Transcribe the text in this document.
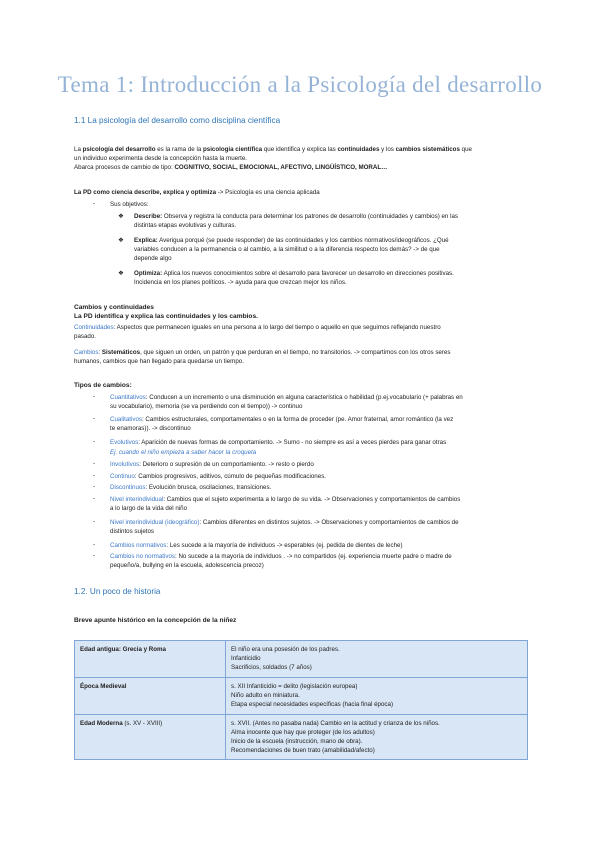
Tema 1: Introducción a la Psicología del desarrollo
1.1 La psicología del desarrollo como disciplina científica
La psicología del desarrollo es la rama de la psicología científica que identifica y explica las continuidades y los cambios sistemáticos que
un individuo experimenta desde la concepción hasta la muerte.
Abarca procesos de cambio de tipo: COGNITIVO, SOCIAL, EMOCIONAL, AFECTIVO, LINGÜÍSTICO, MORAL…
La PD como ciencia describe, explica y optimiza -> Psicología es una ciencia aplicada
- Sus objetivos:
❖ Describe: Observa y registra la conducta para determinar los patrones de desarrollo (continuidades y cambios) en las
distintas etapas evolutivas y culturas.
❖ Explica: Averigua porqué (se puede responder) de las continuidades y los cambios normativos/ideográficos. ¿Qué
variables conducen a la permanencia o al cambio, a la similitud o a la diferencia respecto los demás? -> de que
depende algo
❖ Optimiza: Aplica los nuevos conocimientos sobre el desarrollo para favorecer un desarrollo en direcciones positivas.
Incidencia en los planes políticos. -> ayuda para que crezcan mejor los niños.
Cambios y continuidades
La PD identifica y explica las continuidades y los cambios.
Continuidades: Aspectos que permanecen iguales en una persona a lo largo del tiempo o aquello en que seguimos reflejando nuestro
pasado.
Cambios: Sistemáticos, que siguen un orden, un patrón y que perduran en el tiempo, no transitorios. -> compartimos con los otros seres
humanos, cambios que han llegado para quedarse un tiempo.
Tipos de cambios:
- Cuantitativos: Conducen a un incremento o una disminución en alguna característica o habilidad (p.ej.vocabulario (+ palabras en
su vocabulario), memoria (se va perdiendo con el tiempo)) -> continuo
- Cualitativos: Cambios estructurales, comportamentales o en la forma de proceder (pe. Amor fraternal, amor romántico (la vez
te enamoras)). -> discontinuo
- Evolutivos: Aparición de nuevas formas de comportamiento. -> Sumo - no siempre es así a veces pierdes para ganar otras
Ej. cuando el niño empieza a saber hacer la croqueta
- Involutivos: Deterioro o supresión de un comportamiento. -> resto o pierdo
- Continuo: Cambios progresivos, aditivos, cúmulo de pequeñas modificaciones.
- Discontinuos: Evolución brusca, oscilaciones, transiciones.
- Nivel interindividual: Cambios que el sujeto experimenta a lo largo de su vida. -> Observaciones y comportamientos de cambios
a lo largo de la vida del niño
- Nivel interindividual (ideográfico): Cambios diferentes en distintos sujetos. -> Observaciones y comportamientos de cambios de
distintos sujetos
- Cambios normativos: Les sucede a la mayoría de individuos -> esperables (ej. pedida de dientes de leche)
- Cambios no normativos: No sucede a la mayoría de individuos . -> no compartidos (ej. experiencia muerte padre o madre de
pequeño/a, bullying en la escuela, adolescencia precoz)
1.2. Un poco de historia
Breve apunte histórico en la concepción de la niñez
Edad antigua: Grecia y Roma	El niño era una posesión de los padres.
Infanticidio
Sacrificios, soldados (7 años)

Época Medieval	s. XII Infanticidio = delito (legislación europea)
Niño adulto en miniatura.
Etapa especial necesidades específicas (hacia final época)

Edad Moderna (s. XV - XVIII)	s. XVII. (Antes no pasaba nada) Cambio en la actitud y crianza de los niños.
Alma inocente que hay que proteger (de los adultos)
Inicio de la escuela (instrucción, mano de obra).
Recomendaciones de buen trato (amabilidad/afecto)
